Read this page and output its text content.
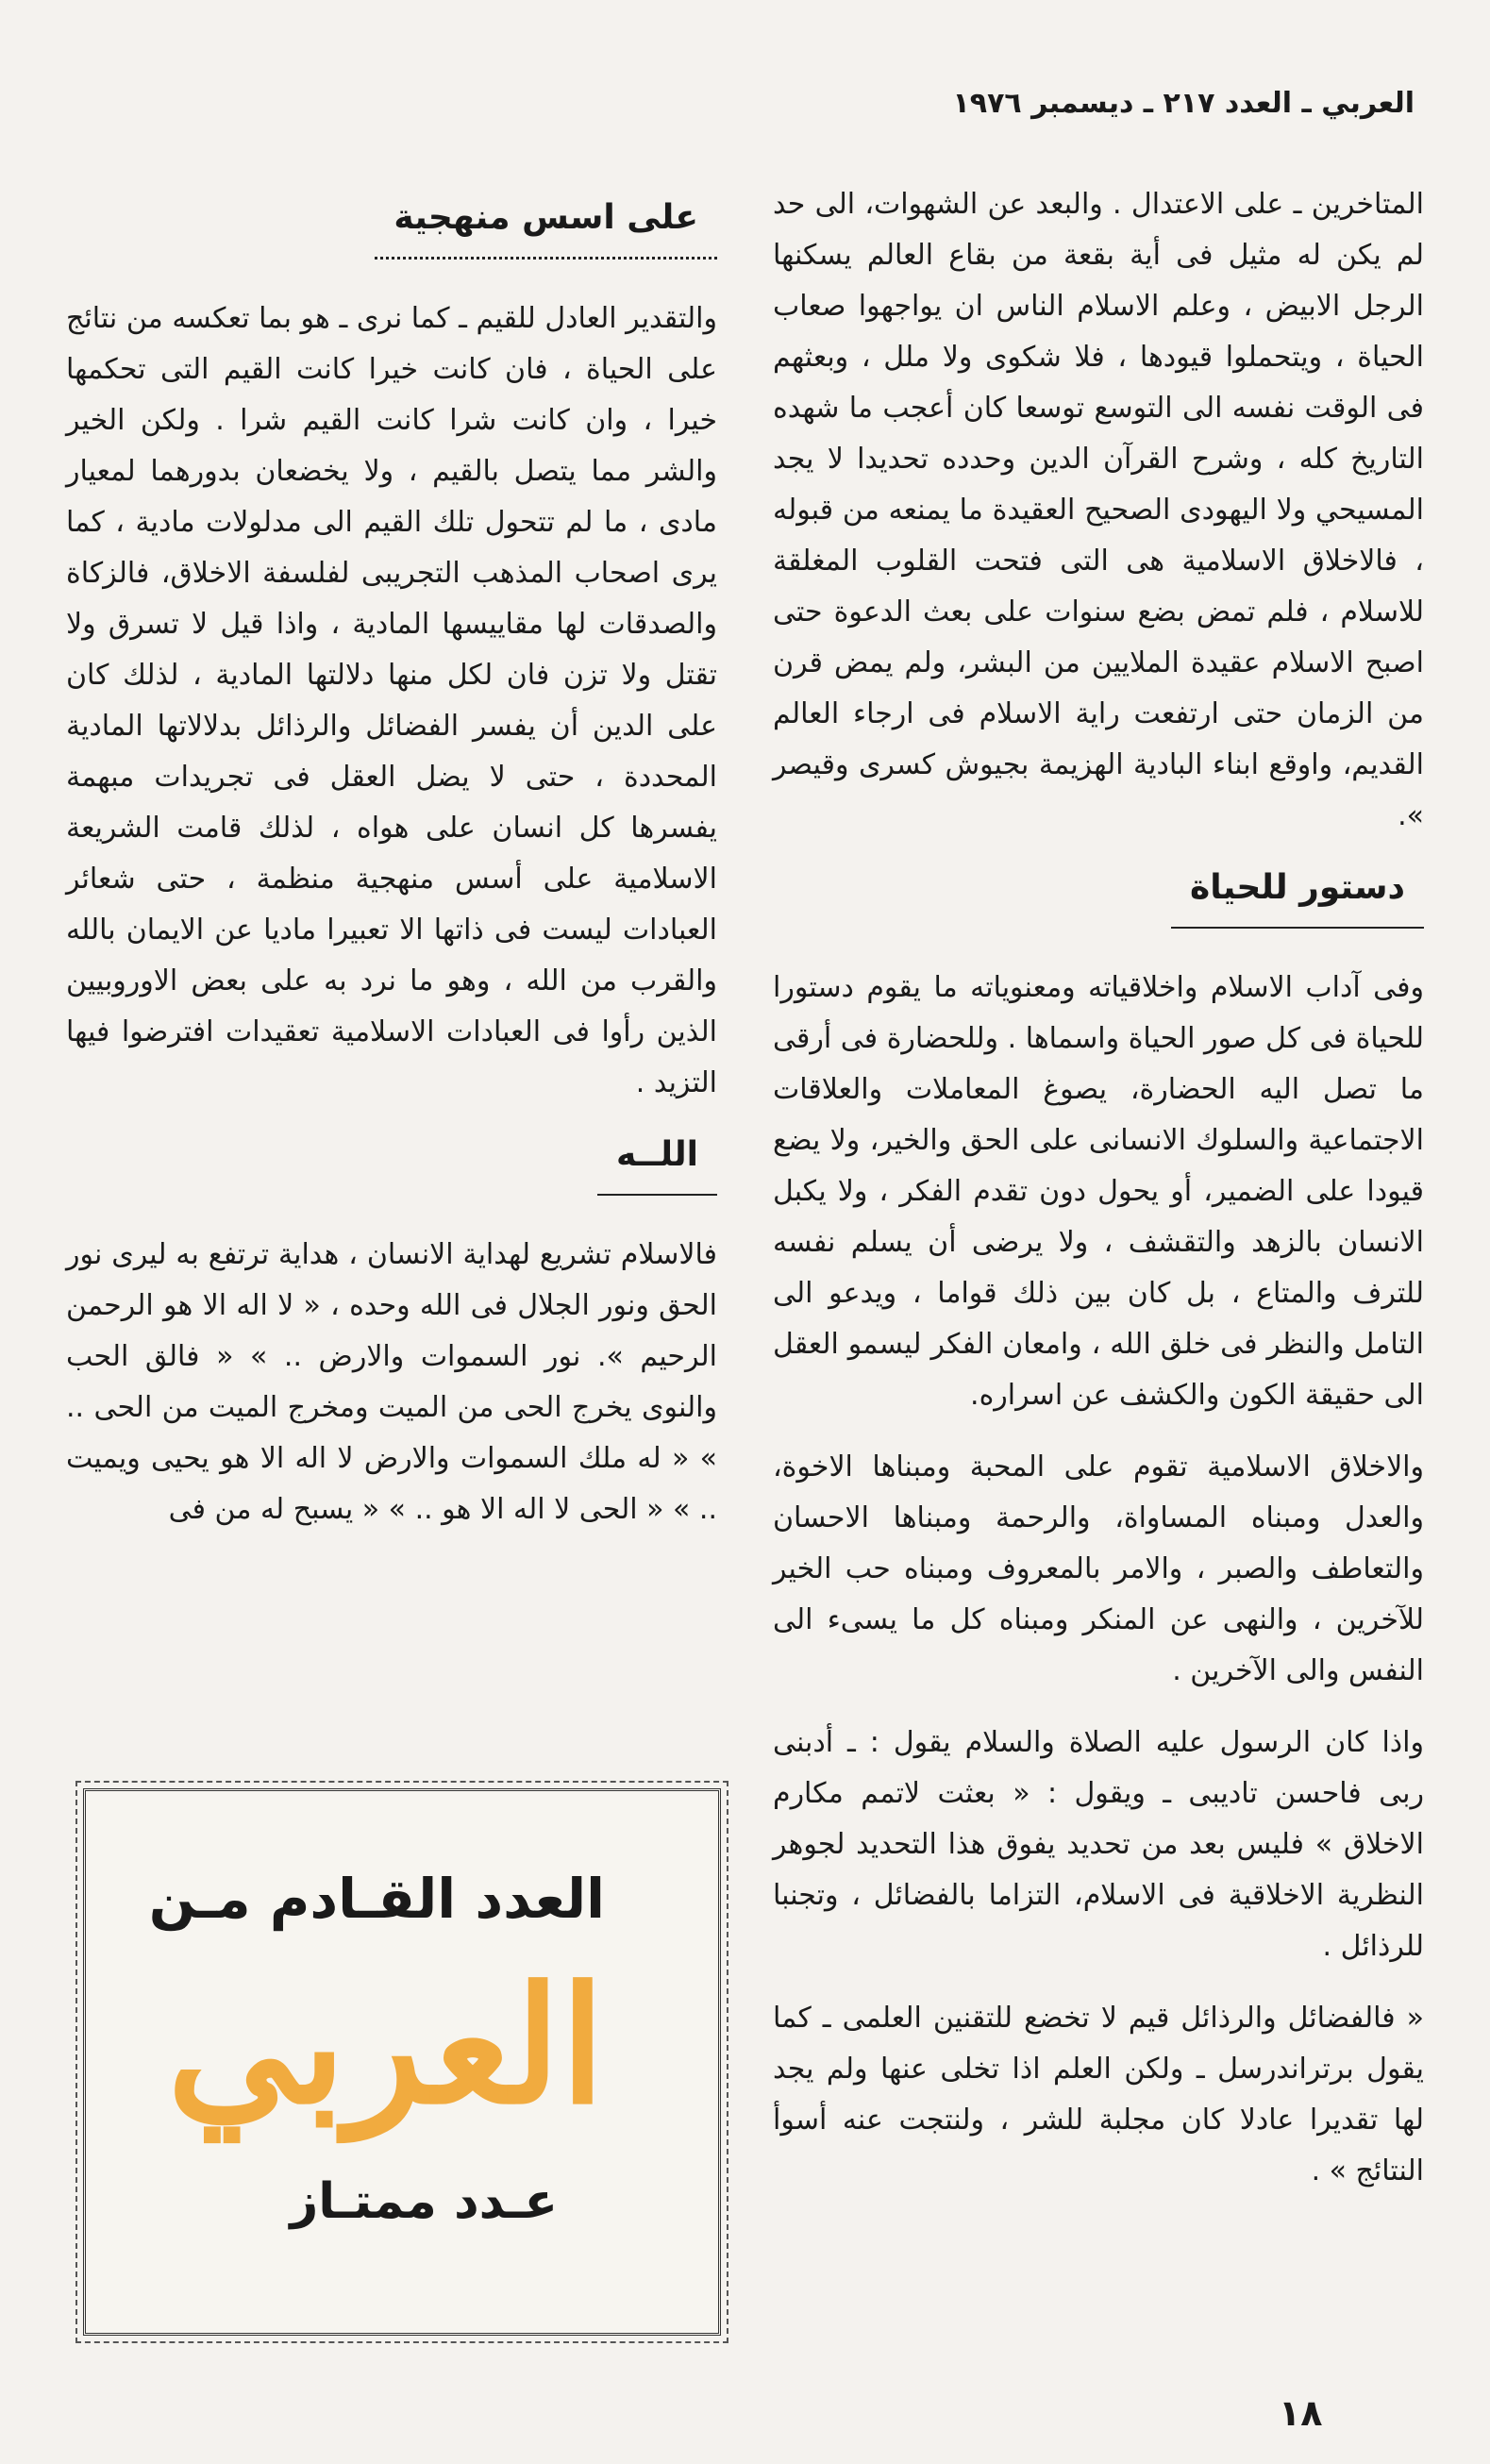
العربي ـ العدد ٢١٧ ـ ديسمبر ١٩٧٦

المتاخرين ـ على الاعتدال . والبعد عن الشهوات، الى حد لم يكن له مثيل فى أية بقعة من بقاع العالم يسكنها الرجل الابيض ، وعلم الاسلام الناس ان يواجهوا صعاب الحياة ، ويتحملوا قيودها ، فلا شكوى ولا ملل ، وبعثهم فى الوقت نفسه الى التوسع توسعا كان أعجب ما شهده التاريخ كله ، وشرح القرآن الدين وحدده تحديدا لا يجد المسيحي ولا اليهودى الصحيح العقيدة ما يمنعه من قبوله ، فالاخلاق الاسلامية هى التى فتحت القلوب المغلقة للاسلام ، فلم تمض بضع سنوات على بعث الدعوة حتى اصبح الاسلام عقيدة الملايين من البشر، ولم يمض قرن من الزمان حتى ارتفعت راية الاسلام فى ارجاء العالم القديم، واوقع ابناء البادية الهزيمة بجيوش كسرى وقيصر ».

دستور للحياة

وفى آداب الاسلام واخلاقياته ومعنوياته ما يقوم دستورا للحياة فى كل صور الحياة واسماها . وللحضارة فى أرقى ما تصل اليه الحضارة، يصوغ المعاملات والعلاقات الاجتماعية والسلوك الانسانى على الحق والخير، ولا يضع قيودا على الضمير، أو يحول دون تقدم الفكر ، ولا يكبل الانسان بالزهد والتقشف ، ولا يرضى أن يسلم نفسه للترف والمتاع ، بل كان بين ذلك قواما ، ويدعو الى التامل والنظر فى خلق الله ، وامعان الفكر ليسمو العقل الى حقيقة الكون والكشف عن اسراره.

والاخلاق الاسلامية تقوم على المحبة ومبناها الاخوة، والعدل ومبناه المساواة، والرحمة ومبناها الاحسان والتعاطف والصبر ، والامر بالمعروف ومبناه حب الخير للآخرين ، والنهى عن المنكر ومبناه كل ما يسىء الى النفس والى الآخرين .

واذا كان الرسول عليه الصلاة والسلام يقول : ـ أدبنى ربى فاحسن تاديبى ـ ويقول : « بعثت لاتمم مكارم الاخلاق » فليس بعد من تحديد يفوق هذا التحديد لجوهر النظرية الاخلاقية فى الاسلام، التزاما بالفضائل ، وتجنبا للرذائل .

« فالفضائل والرذائل قيم لا تخضع للتقنين العلمى ـ كما يقول برتراندرسل ـ ولكن العلم اذا تخلى عنها ولم يجد لها تقديرا عادلا كان مجلبة للشر ، ولنتجت عنه أسوأ النتائج » .

على اسس منهجية

والتقدير العادل للقيم ـ كما نرى ـ هو بما تعكسه من نتائج على الحياة ، فان كانت خيرا كانت القيم التى تحكمها خيرا ، وان كانت شرا كانت القيم شرا . ولكن الخير والشر مما يتصل بالقيم ، ولا يخضعان بدورهما لمعيار مادى ، ما لم تتحول تلك القيم الى مدلولات مادية ، كما يرى اصحاب المذهب التجريبى لفلسفة الاخلاق، فالزكاة والصدقات لها مقاييسها المادية ، واذا قيل لا تسرق ولا تقتل ولا تزن فان لكل منها دلالتها المادية ، لذلك كان على الدين أن يفسر الفضائل والرذائل بدلالاتها المادية المحددة ، حتى لا يضل العقل فى تجريدات مبهمة يفسرها كل انسان على هواه ، لذلك قامت الشريعة الاسلامية على أسس منهجية منظمة ، حتى شعائر العبادات ليست فى ذاتها الا تعبيرا ماديا عن الايمان بالله والقرب من الله ، وهو ما نرد به على بعض الاوروبيين الذين رأوا فى العبادات الاسلامية تعقيدات افترضوا فيها التزيد .

اللــه

فالاسلام تشريع لهداية الانسان ، هداية ترتفع به ليرى نور الحق ونور الجلال فى الله وحده ، « لا اله الا هو الرحمن الرحيم ». نور السموات والارض .. » « فالق الحب والنوى يخرج الحى من الميت ومخرج الميت من الحى .. » « له ملك السموات والارض لا اله الا هو يحيى ويميت .. » « الحى لا اله الا هو .. » « يسبح له من فى

العدد القـادم مـن
العربي
عـدد ممتـاز
١٨
